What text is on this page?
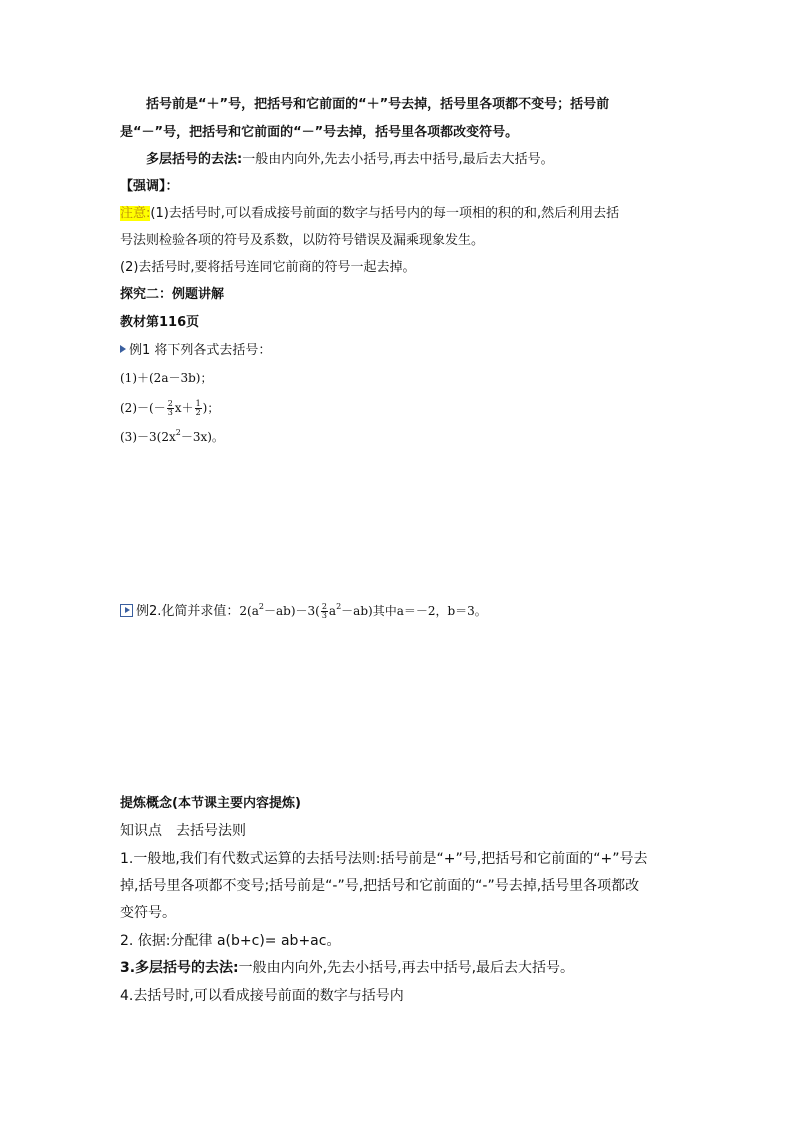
括号前是“＋”号，把括号和它前面的“＋”号去掉，括号里各项都不变号；括号前
是“－”号，把括号和它前面的“－”号去掉，括号里各项都改变符号。
多层括号的去法:一般由内向外,先去小括号,再去中括号,最后去大括号。
【强调】：
注意:(1)去括号时,可以看成接号前面的数字与括号内的每一项相的积的和,然后利用去括
号法则检验各项的符号及系数，以防符号错误及漏乘现象发生。
(2)去括号时,要将括号连同它前商的符号一起去掉。
探究二：例题讲解
教材第116页
例1 将下列各式去括号：
(1)＋(2a－3b)；
$(2)-(- \frac{2}{3} x+ \frac{1}{2}$ )；
$(3)-3(2x^2-3x)$。
例2.化简并求值：$2(a^2-ab)-3( \frac{2}{3} a^2-ab)$其中a＝－2，b＝3。
提炼概念(本节课主要内容提炼)
知识点　去括号法则
1.一般地,我们有代数式运算的去括号法则:括号前是“+”号,把括号和它前面的“+”号去
掉,括号里各项都不变号;括号前是“-”号,把括号和它前面的“-”号去掉,括号里各项都改
变符号。
2. 依据:分配律 a(b+c)= ab+ac。
3.多层括号的去法:一般由内向外,先去小括号,再去中括号,最后去大括号。
4.去括号时,可以看成接号前面的数字与括号内
